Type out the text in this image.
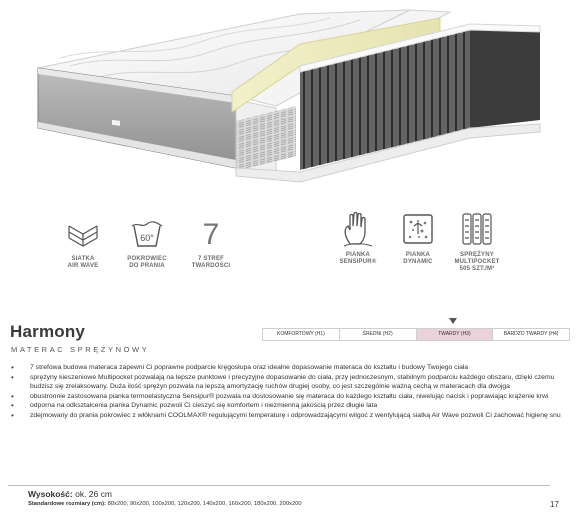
SIATKA
AIR WAVE
60°
POKROWIEC
DO PRANIA
7
7 STREF
TWARDOŚCI
PIANKA
SENSIPUR®
PIANKA
DYNAMIC
SPRĘŻYNY
MULTIPOCKET
505 SZT./M²
Harmony
MATERAC SPRĘŻYNOWY
KOMFORTOWY (H1)	ŚREDNI (H2)	TWARDY (H3)	BARDZO TWARDY (H4)
• 7 strefowa budowa materaca zapewni Ci poprawne podparcie kręgosłupa oraz idealne dopasowanie materaca do kształtu i budowy Twojego ciała
• sprężyny kieszeniowe Multipocket pozwalają na lepsze punktowe i precyzyjne dopasowanie do ciała, przy jednoczesnym, stabilnym podparciu każdego obszaru, dzięki czemu budzisz się zrelaksowany. Duża ilość sprężyn pozwala na lepszą amortyzację ruchów drugiej osoby, co jest szczególnie ważną cechą w materacach dla dwojga
• obustronnie zastosowana pianka termoelastyczna Sensipur® pozwala na dostosowanie się materaca do każdego kształtu ciała, niwelując nacisk i poprawiając krążenie krwi
• odporna na odkształcenia pianka Dynamic pozwoli Ci cieszyć się komfortem i niezmienną jakością przez długie lata
• zdejmowany do prania pokrowiec z włóknami COOLMAX® regulującymi temperaturę i odprowadzającymi wilgoć z wentylującą siatką Air Wave pozwoli Ci zachować higienę snu
Wysokość: ok. 26 cm
Standardowe rozmiary (cm): 80x200, 90x200, 100x200, 120x200, 140x200, 160x200, 180x200, 200x200	17
